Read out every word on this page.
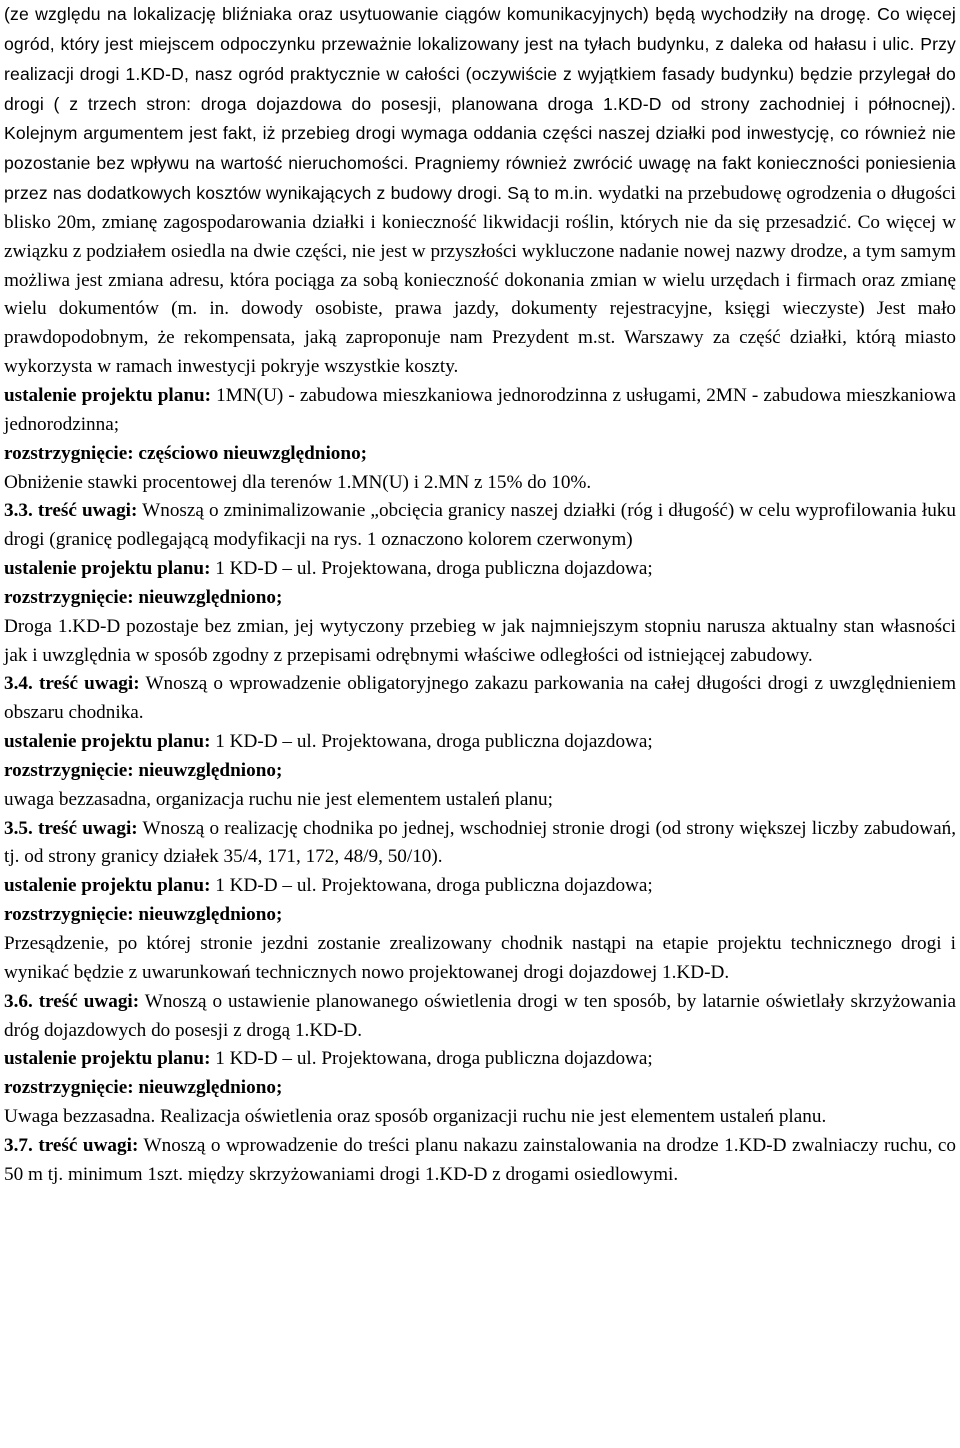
(ze względu na lokalizację bliźniaka oraz usytuowanie ciągów komunikacyjnych) będą wychodziły na drogę. Co więcej ogród, który jest miejscem odpoczynku przeważnie lokalizowany jest na tyłach budynku, z daleka od hałasu i ulic. Przy realizacji drogi 1.KD-D, nasz ogród praktycznie w całości (oczywiście z wyjątkiem fasady budynku) będzie przylegał do drogi ( z trzech stron: droga dojazdowa do posesji, planowana droga 1.KD-D od strony zachodniej i północnej). Kolejnym argumentem jest fakt, iż przebieg drogi wymaga oddania części naszej działki pod inwestycję, co również nie pozostanie bez wpływu na wartość nieruchomości. Pragniemy również zwrócić uwagę na fakt konieczności poniesienia przez nas dodatkowych kosztów wynikających z budowy drogi. Są to m.in. wydatki na przebudowę ogrodzenia o długości blisko 20m, zmianę zagospodarowania działki i konieczność likwidacji roślin, których nie da się przesadzić. Co więcej w związku z podziałem osiedla na dwie części, nie jest w przyszłości wykluczone nadanie nowej nazwy drodze, a tym samym możliwa jest zmiana adresu, która pociąga za sobą konieczność dokonania zmian w wielu urzędach i firmach oraz zmianę wielu dokumentów (m. in. dowody osobiste, prawa jazdy, dokumenty rejestracyjne, księgi wieczyste) Jest mało prawdopodobnym, że rekompensata, jaką zaproponuje nam Prezydent m.st. Warszawy za część działki, którą miasto wykorzysta w ramach inwestycji pokryje wszystkie koszty.

ustalenie projektu planu: 1MN(U) - zabudowa mieszkaniowa jednorodzinna z usługami, 2MN - zabudowa mieszkaniowa jednorodzinna;

rozstrzygnięcie: częściowo nieuwzględniono;

Obniżenie stawki procentowej dla terenów 1.MN(U) i 2.MN z 15% do 10%.

3.3. treść uwagi: Wnoszą o zminimalizowanie „obcięcia granicy naszej działki (róg i długość) w celu wyprofilowania łuku drogi (granicę podlegającą modyfikacji na rys. 1 oznaczono kolorem czerwonym)

ustalenie projektu planu: 1 KD-D – ul. Projektowana, droga publiczna dojazdowa;

rozstrzygnięcie: nieuwzględniono;

Droga 1.KD-D pozostaje bez zmian, jej wytyczony przebieg w jak najmniejszym stopniu narusza aktualny stan własności jak i uwzględnia w sposób zgodny z przepisami odrębnymi właściwe odległości od istniejącej zabudowy.

3.4. treść uwagi: Wnoszą o wprowadzenie obligatoryjnego zakazu parkowania na całej długości drogi z uwzględnieniem obszaru chodnika.

ustalenie projektu planu: 1 KD-D – ul. Projektowana, droga publiczna dojazdowa;

rozstrzygnięcie: nieuwzględniono;

uwaga bezzasadna, organizacja ruchu nie jest elementem ustaleń planu;

3.5. treść uwagi: Wnoszą o realizację chodnika po jednej, wschodniej stronie drogi (od strony większej liczby zabudowań, tj. od strony granicy działek 35/4, 171, 172, 48/9, 50/10).

ustalenie projektu planu: 1 KD-D – ul. Projektowana, droga publiczna dojazdowa;

rozstrzygnięcie: nieuwzględniono;

Przesądzenie, po której stronie jezdni zostanie zrealizowany chodnik nastąpi na etapie projektu technicznego drogi i wynikać będzie z uwarunkowań technicznych nowo projektowanej drogi dojazdowej 1.KD-D.

3.6. treść uwagi: Wnoszą o ustawienie planowanego oświetlenia drogi w ten sposób, by latarnie oświetlały skrzyżowania dróg dojazdowych do posesji z drogą 1.KD-D.

ustalenie projektu planu: 1 KD-D – ul. Projektowana, droga publiczna dojazdowa;

rozstrzygnięcie: nieuwzględniono;

Uwaga bezzasadna. Realizacja oświetlenia oraz sposób organizacji ruchu nie jest elementem ustaleń planu.

3.7. treść uwagi: Wnoszą o wprowadzenie do treści planu nakazu zainstalowania na drodze 1.KD-D zwalniaczy ruchu, co 50 m tj. minimum 1szt. między skrzyżowaniami drogi 1.KD-D z drogami osiedlowymi.
